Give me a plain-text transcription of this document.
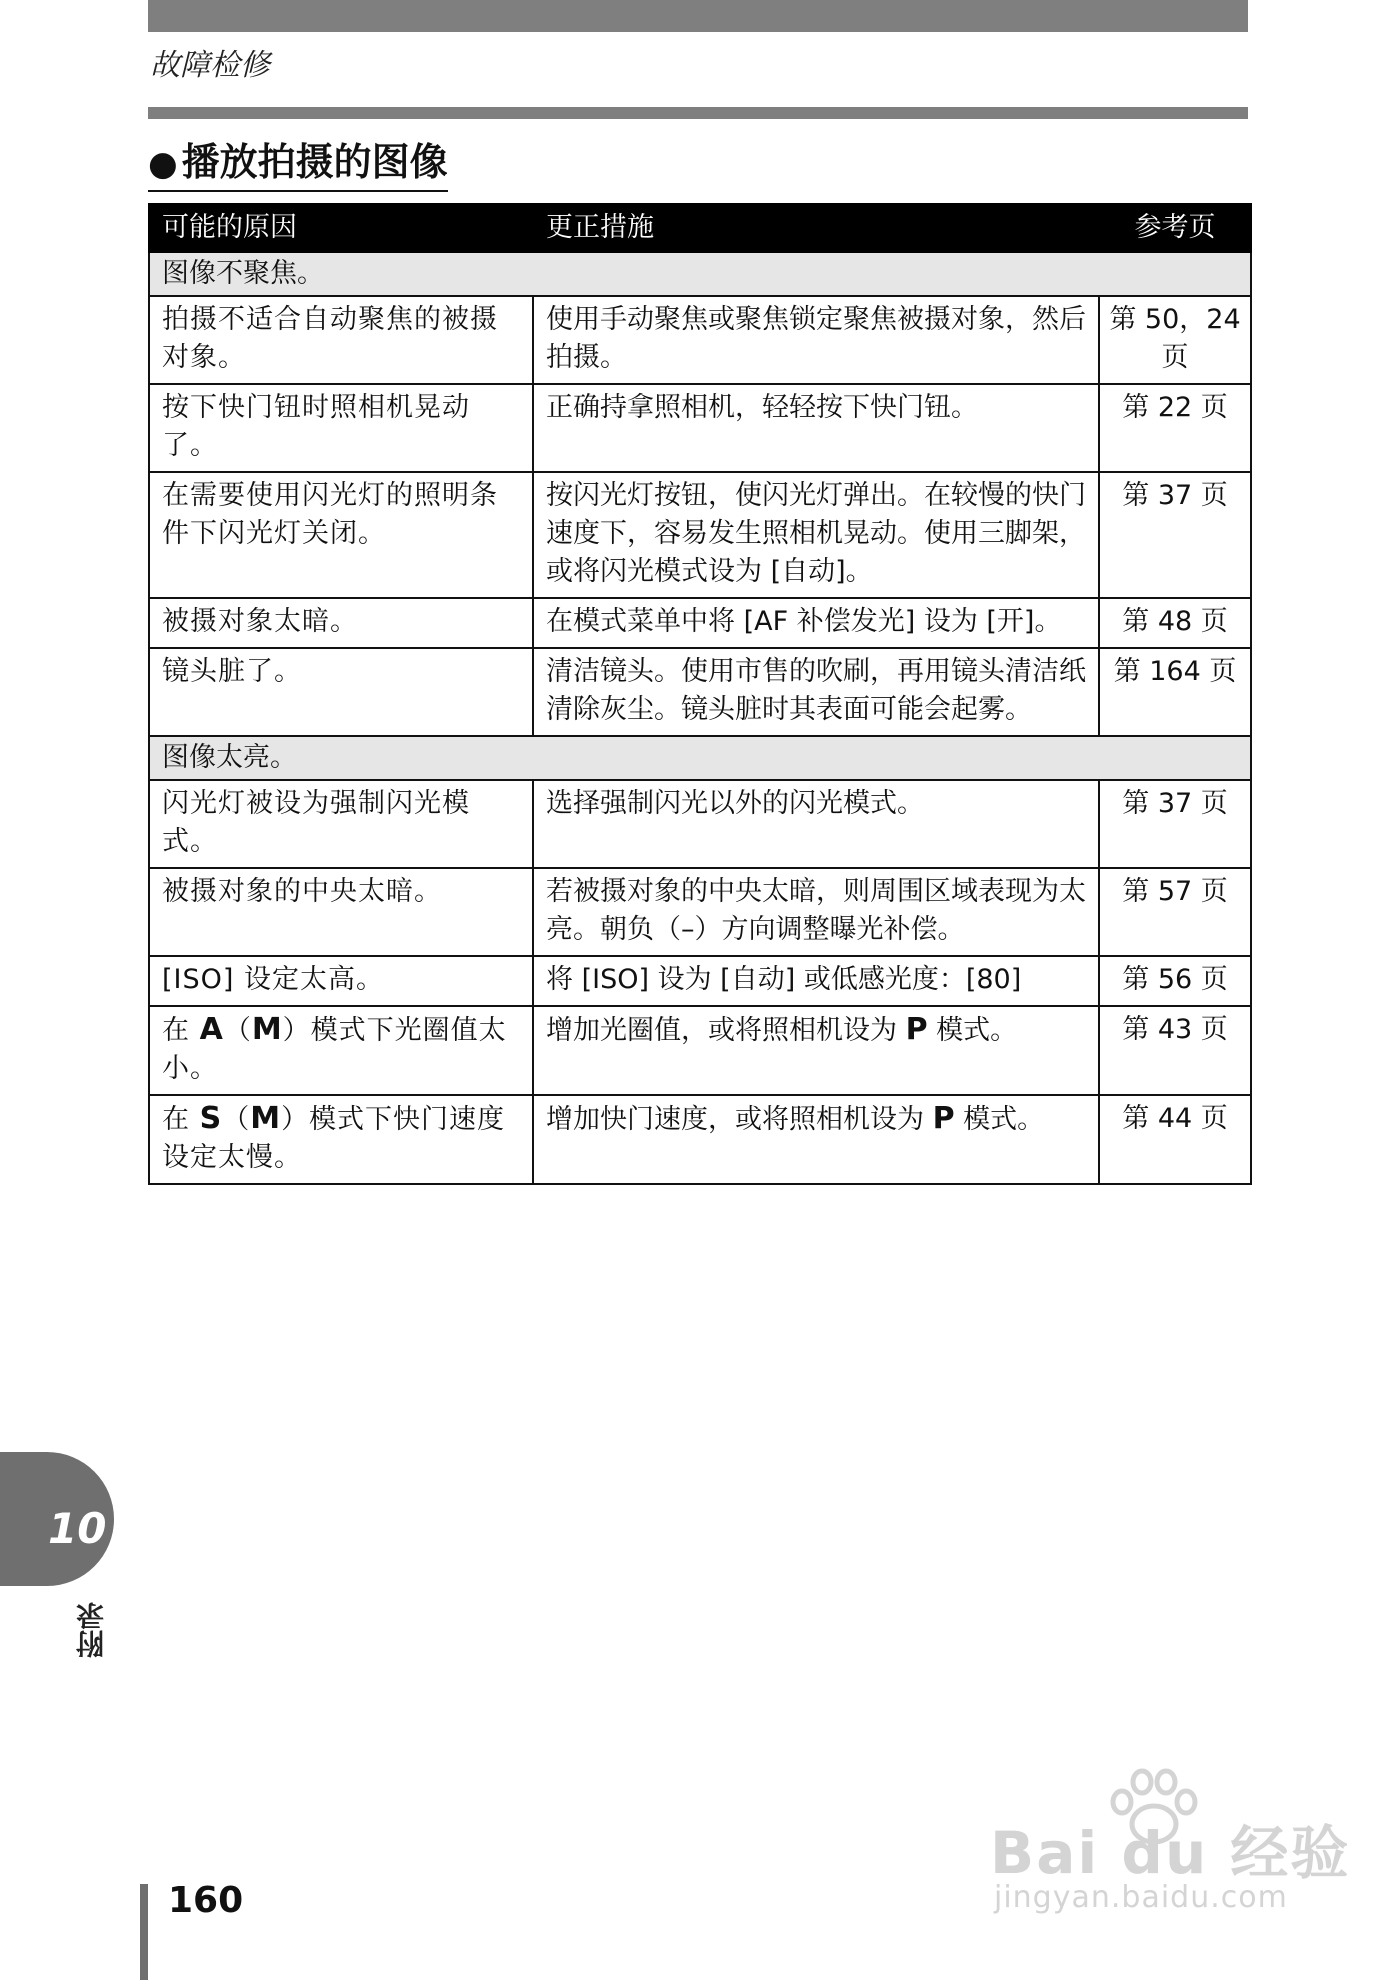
故障检修
● 播放拍摄的图像
可能的原因	更正措施	参考页
图像不聚焦。		
拍摄不适合自动聚焦的被摄对象。	使用手动聚焦或聚焦锁定聚焦被摄对象，然后拍摄。	第 50，24 页
按下快门钮时照相机晃动了。	正确持拿照相机，轻轻按下快门钮。	第 22 页
在需要使用闪光灯的照明条件下闪光灯关闭。	按闪光灯按钮，使闪光灯弹出。在较慢的快门速度下，容易发生照相机晃动。使用三脚架，或将闪光模式设为 [自动]。	第 37 页
被摄对象太暗。	在模式菜单中将 [AF 补偿发光] 设为 [开]。	第 48 页
镜头脏了。	清洁镜头。使用市售的吹刷，再用镜头清洁纸清除灰尘。镜头脏时其表面可能会起雾。	第 164 页
图像太亮。		
闪光灯被设为强制闪光模式。	选择强制闪光以外的闪光模式。	第 37 页
被摄对象的中央太暗。	若被摄对象的中央太暗，则周围区域表现为太亮。朝负（–）方向调整曝光补偿。	第 57 页
[ISO] 设定太高。	将 [ISO] 设为 [自动] 或低感光度：[80]	第 56 页
在 A（M）模式下光圈值太小。	增加光圈值，或将照相机设为 P 模式。	第 43 页
在 S（M）模式下快门速度设定太慢。	增加快门速度，或将照相机设为 P 模式。	第 44 页
10
附录
160
Bai du 经验
jingyan.baidu.com
